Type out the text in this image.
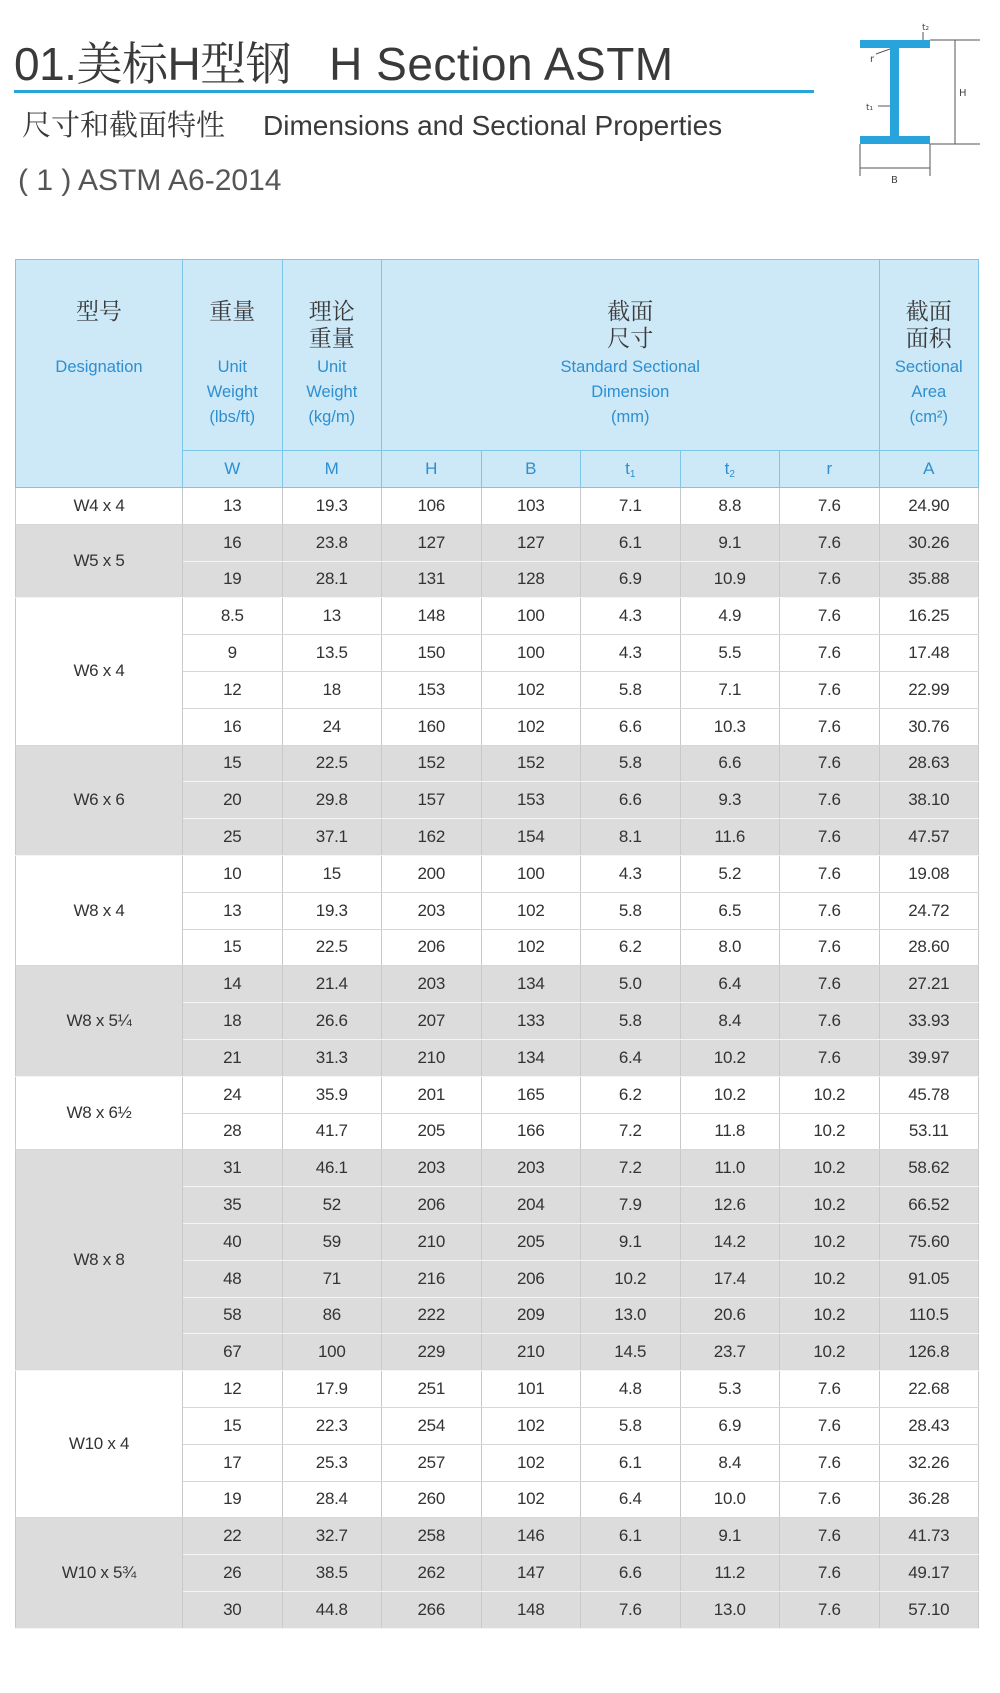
01.美标H型钢 H Section ASTM
尺寸和截面特性 Dimensions and Sectional Properties
( 1 ) ASTM A6-2014
r
t₂
t₁
H
B
型号
Designation	重量
Unit
Weight
(lbs/ft)	理论
重量
Unit
Weight
(kg/m)	截面
尺寸
Standard Sectional
Dimension
(mm)					截面
面积
Sectional
Area
(cm²)

	W	M	H	B	$t_1$	$t_2$	r	A
W4 x 4	13	19.3	106	103	7.1	8.8	7.6	24.90
W5 x 5	16	23.8	127	127	6.1	9.1	7.6	30.26
	19	28.1	131	128	6.9	10.9	7.6	35.88
W6 x 4	8.5	13	148	100	4.3	4.9	7.6	16.25
	9	13.5	150	100	4.3	5.5	7.6	17.48
	12	18	153	102	5.8	7.1	7.6	22.99
	16	24	160	102	6.6	10.3	7.6	30.76
W6 x 6	15	22.5	152	152	5.8	6.6	7.6	28.63
	20	29.8	157	153	6.6	9.3	7.6	38.10
	25	37.1	162	154	8.1	11.6	7.6	47.57
W8 x 4	10	15	200	100	4.3	5.2	7.6	19.08
	13	19.3	203	102	5.8	6.5	7.6	24.72
	15	22.5	206	102	6.2	8.0	7.6	28.60
W8 x 5¼	14	21.4	203	134	5.0	6.4	7.6	27.21
	18	26.6	207	133	5.8	8.4	7.6	33.93
	21	31.3	210	134	6.4	10.2	7.6	39.97
W8 x 6½	24	35.9	201	165	6.2	10.2	10.2	45.78
	28	41.7	205	166	7.2	11.8	10.2	53.11
W8 x 8	31	46.1	203	203	7.2	11.0	10.2	58.62
	35	52	206	204	7.9	12.6	10.2	66.52
	40	59	210	205	9.1	14.2	10.2	75.60
	48	71	216	206	10.2	17.4	10.2	91.05
	58	86	222	209	13.0	20.6	10.2	110.5
	67	100	229	210	14.5	23.7	10.2	126.8
W10 x 4	12	17.9	251	101	4.8	5.3	7.6	22.68
	15	22.3	254	102	5.8	6.9	7.6	28.43
	17	25.3	257	102	6.1	8.4	7.6	32.26
	19	28.4	260	102	6.4	10.0	7.6	36.28
W10 x 5¾	22	32.7	258	146	6.1	9.1	7.6	41.73
	26	38.5	262	147	6.6	11.2	7.6	49.17
	30	44.8	266	148	7.6	13.0	7.6	57.10
